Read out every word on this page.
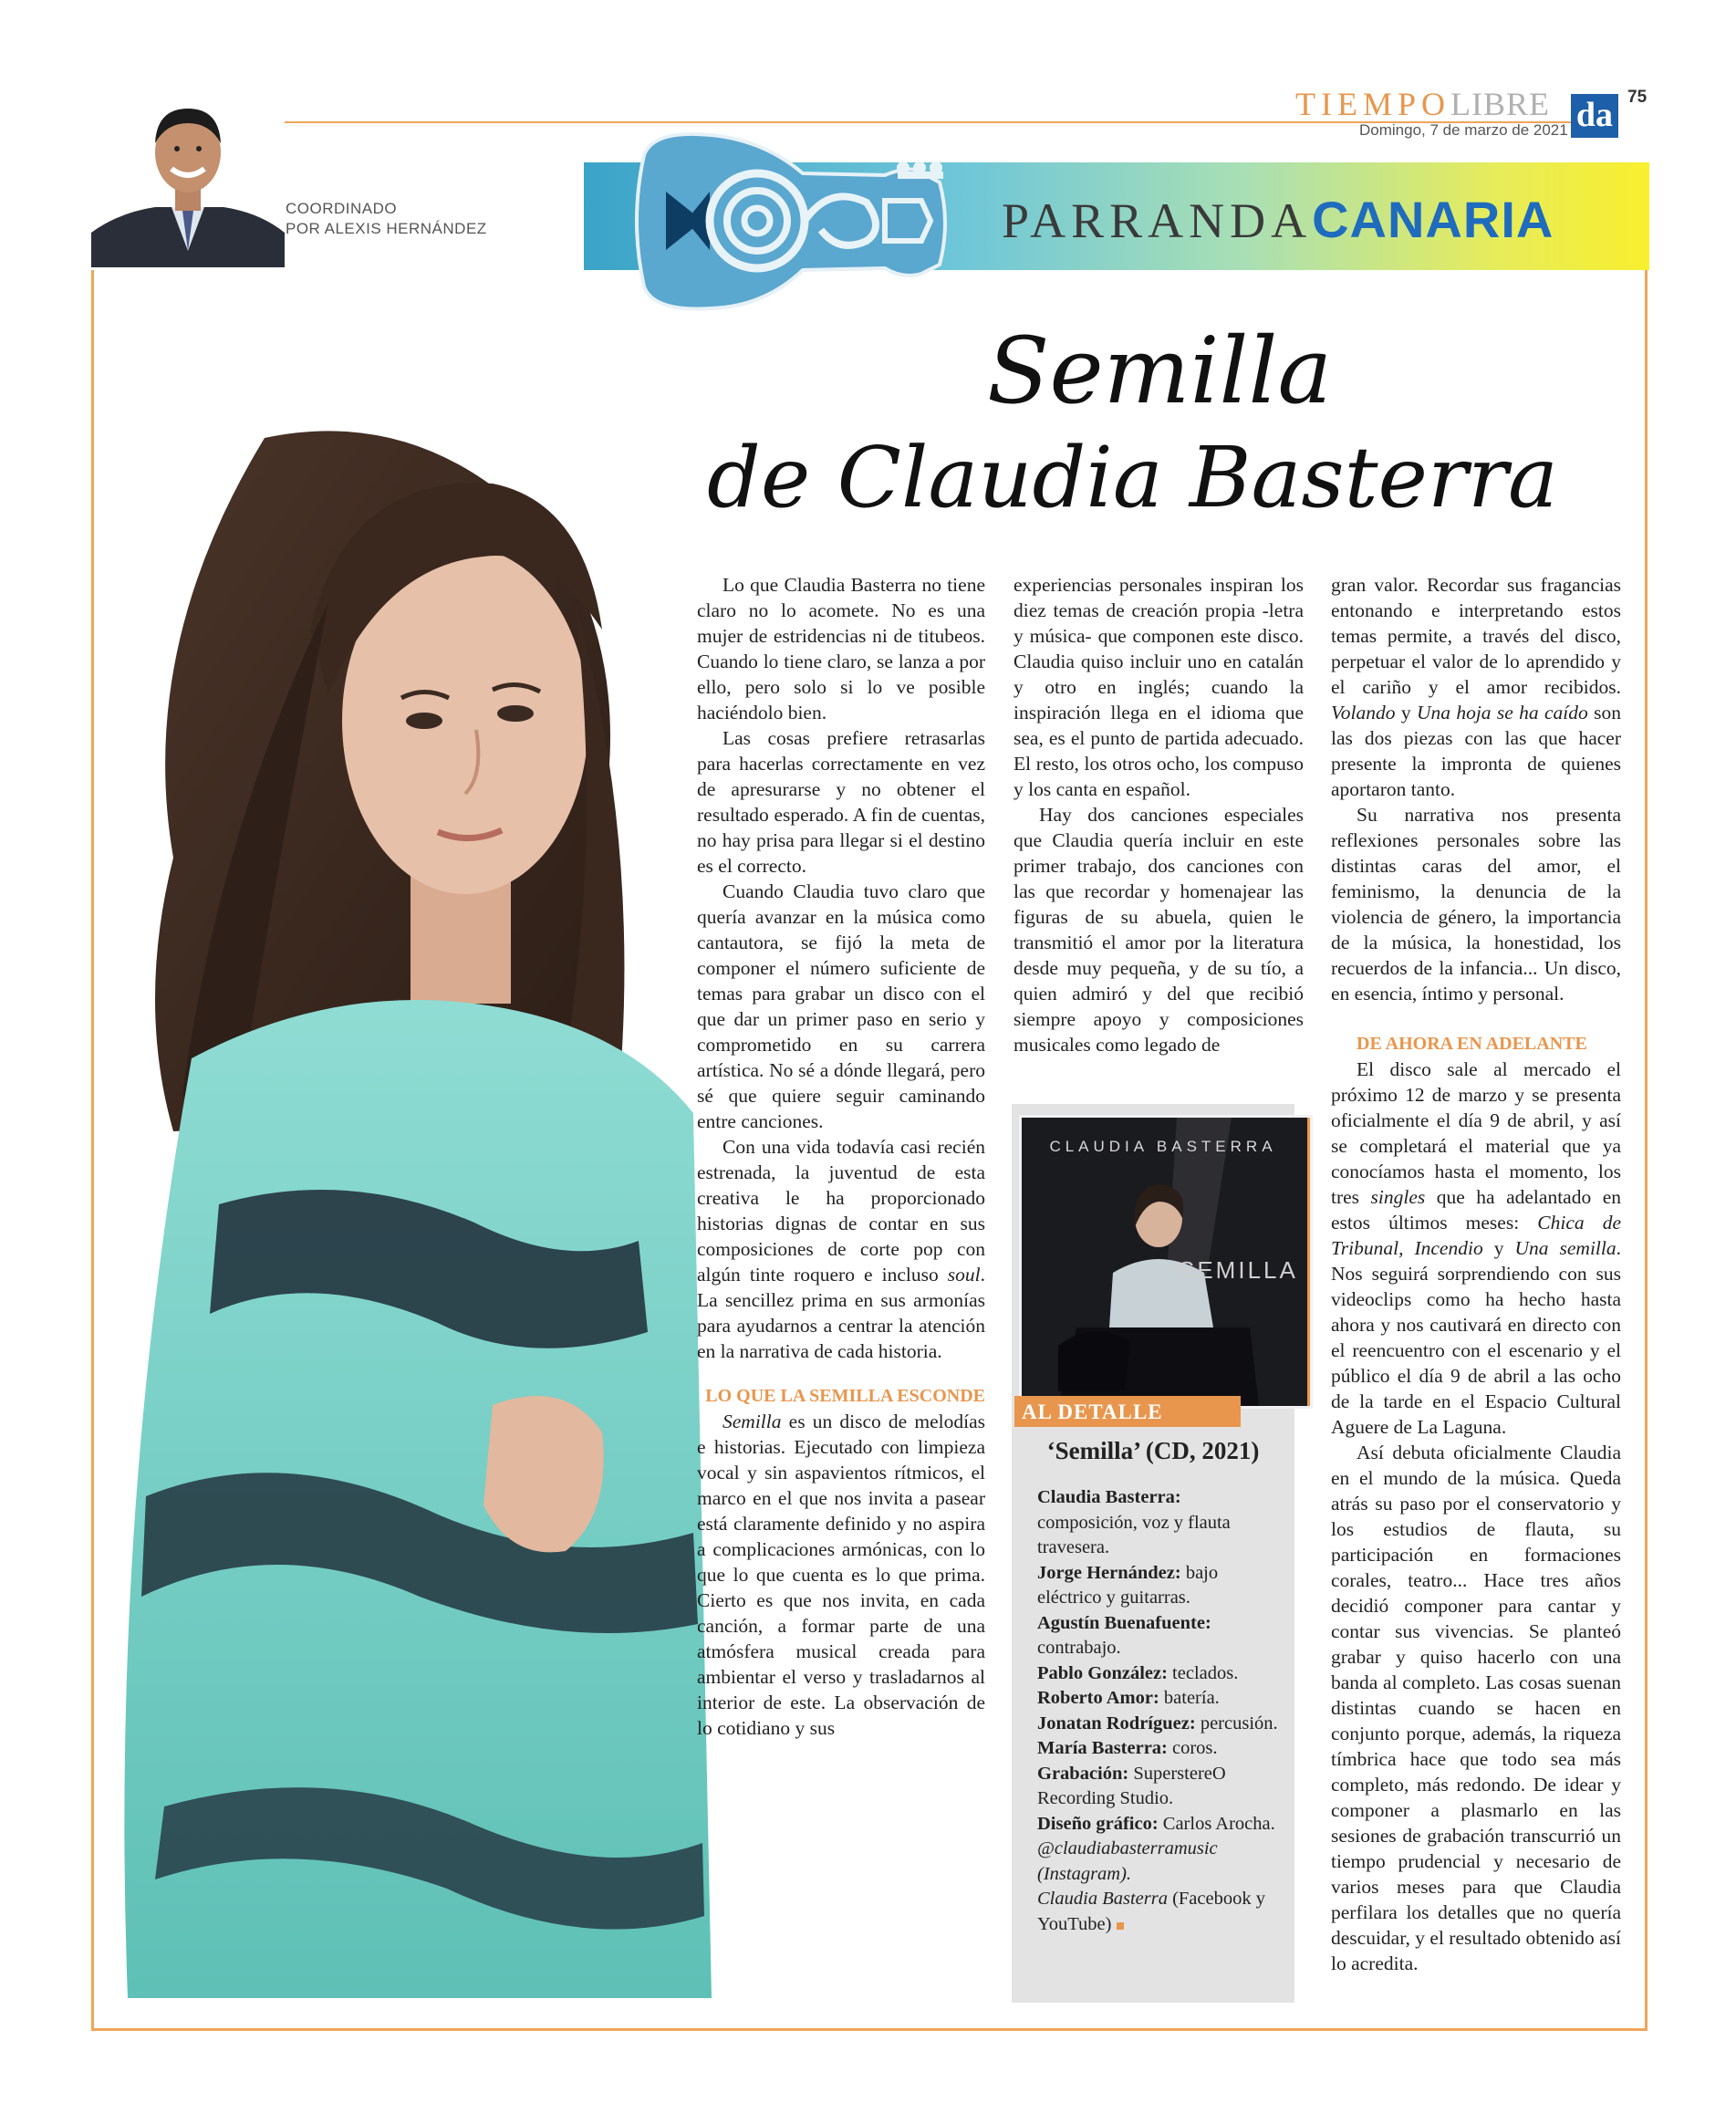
TIEMPOLIBRE
Domingo, 7 de marzo de 2021 da 75
COORDINADO
POR ALEXIS HERNÁNDEZ	PARRANDACANARIA
Semilla
de Claudia Basterra

Lo que Claudia Basterra no tiene claro no lo acomete. No es una mujer de estridencias ni de titubeos. Cuando lo tiene claro, se lanza a por ello, pero solo si lo ve posible haciéndolo bien.

Las cosas prefiere retrasarlas para hacerlas correctamente en vez de apresurarse y no obtener el resultado esperado. A fin de cuentas, no hay prisa para llegar si el destino es el correcto.

Cuando Claudia tuvo claro que quería avanzar en la música como cantautora, se fijó la meta de componer el número suficiente de temas para grabar un disco con el que dar un primer paso en serio y comprometido en su carrera artística. No sé a dónde llegará, pero sé que quiere seguir caminando entre canciones.

Con una vida todavía casi recién estrenada, la juventud de esta creativa le ha proporcionado historias dignas de contar en sus composiciones de corte pop con algún tinte roquero e incluso soul. La sencillez prima en sus armonías para ayudarnos a centrar la atención en la narrativa de cada historia.

LO QUE LA SEMILLA ESCONDE

Semilla es un disco de melodías e historias. Ejecutado con limpieza vocal y sin aspavientos rítmicos, el marco en el que nos invita a pasear está claramente definido y no aspira a complicaciones armónicas, con lo que lo que cuenta es lo que prima. Cierto es que nos invita, en cada canción, a formar parte de una atmósfera musical creada para ambientar el verso y trasladarnos al interior de este. La observación de lo cotidiano y sus

experiencias personales inspiran los diez temas de creación propia -letra y música- que componen este disco. Claudia quiso incluir uno en catalán y otro en inglés; cuando la inspiración llega en el idioma que sea, es el punto de partida adecuado. El resto, los otros ocho, los compuso y los canta en español.

Hay dos canciones especiales que Claudia quería incluir en este primer trabajo, dos canciones con las que recordar y homenajear las figuras de su abuela, quien le transmitió el amor por la literatura desde muy pequeña, y de su tío, a quien admiró y del que recibió siempre apoyo y composiciones musicales como legado de

CLAUDIA BASTERRA
SEMILLA
AL DETALLE
‘Semilla’ (CD, 2021)
Claudia Basterra: composición, voz y flauta travesera.
Jorge Hernández: bajo eléctrico y guitarras.
Agustín Buenafuente: contrabajo.
Pablo González: teclados.
Roberto Amor: batería.
Jonatan Rodríguez: percusión.
María Basterra: coros.
Grabación: SuperstereO Recording Studio.
Diseño gráfico: Carlos Arocha.
@claudiabasterramusic (Instagram).
Claudia Basterra (Facebook y YouTube)

gran valor. Recordar sus fragancias entonando e interpretando estos temas permite, a través del disco, perpetuar el valor de lo aprendido y el cariño y el amor recibidos. Volando y Una hoja se ha caído son las dos piezas con las que hacer presente la impronta de quienes aportaron tanto.

Su narrativa nos presenta reflexiones personales sobre las distintas caras del amor, el feminismo, la denuncia de la violencia de género, la importancia de la música, la honestidad, los recuerdos de la infancia... Un disco, en esencia, íntimo y personal.

DE AHORA EN ADELANTE

El disco sale al mercado el próximo 12 de marzo y se presenta oficialmente el día 9 de abril, y así se completará el material que ya conocíamos hasta el momento, los tres singles que ha adelantado en estos últimos meses: Chica de Tribunal, Incendio y Una semilla. Nos seguirá sorprendiendo con sus videoclips como ha hecho hasta ahora y nos cautivará en directo con el reencuentro con el escenario y el público el día 9 de abril a las ocho de la tarde en el Espacio Cultural Aguere de La Laguna.

Así debuta oficialmente Claudia en el mundo de la música. Queda atrás su paso por el conservatorio y los estudios de flauta, su participación en formaciones corales, teatro... Hace tres años decidió componer para cantar y contar sus vivencias. Se planteó grabar y quiso hacerlo con una banda al completo. Las cosas suenan distintas cuando se hacen en conjunto porque, además, la riqueza tímbrica hace que todo sea más completo, más redondo. De idear y componer a plasmarlo en las sesiones de grabación transcurrió un tiempo prudencial y necesario de varios meses para que Claudia perfilara los detalles que no quería descuidar, y el resultado obtenido así lo acredita.
